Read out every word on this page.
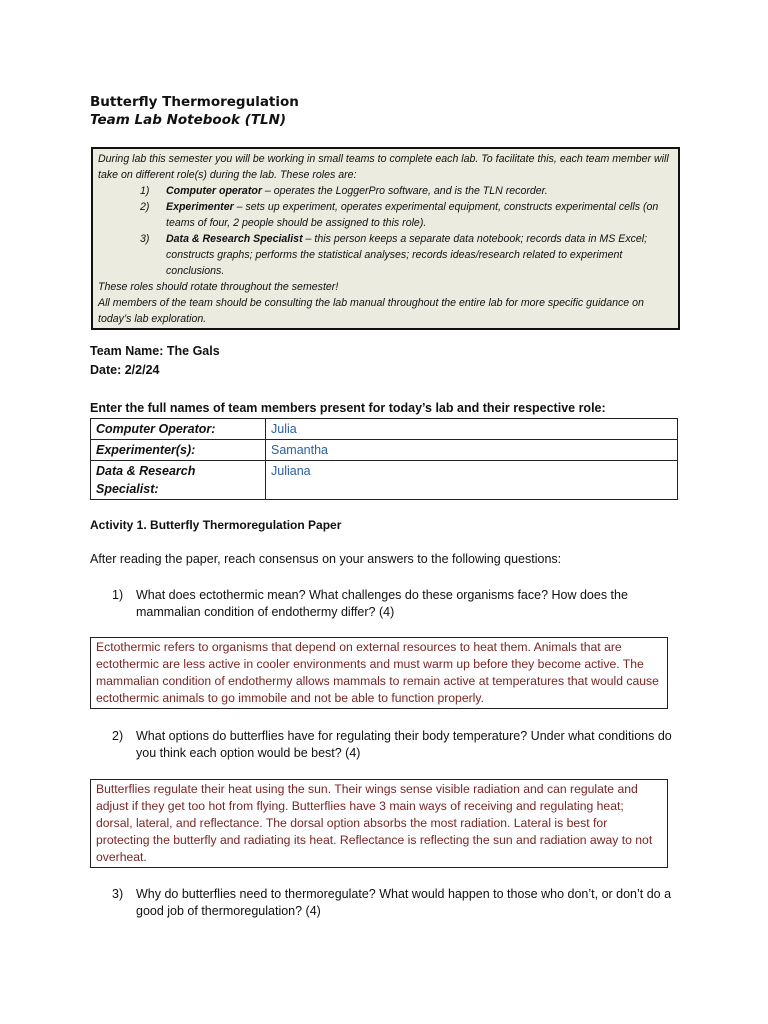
Butterfly Thermoregulation
Team Lab Notebook (TLN)
During lab this semester you will be working in small teams to complete each lab. To facilitate this, each team member will take on different role(s) during the lab. These roles are:
1)	Computer operator – operates the LoggerPro software, and is the TLN recorder.
2)	Experimenter – sets up experiment, operates experimental equipment, constructs experimental cells (on teams of four, 2 people should be assigned to this role).
3)	Data & Research Specialist – this person keeps a separate data notebook; records data in MS Excel; constructs graphs; performs the statistical analyses; records ideas/research related to experiment conclusions.
These roles should rotate throughout the semester!
All members of the team should be consulting the lab manual throughout the entire lab for more specific guidance on today’s lab exploration.
Team Name: The Gals
Date: 2/2/24
Enter the full names of team members present for today’s lab and their respective role:
Computer Operator:	Julia
Experimenter(s):	Samantha
Data & Research Specialist:	Juliana
Activity 1. Butterfly Thermoregulation Paper
After reading the paper, reach consensus on your answers to the following questions:
1)	What does ectothermic mean? What challenges do these organisms face? How does the mammalian condition of endothermy differ? (4)
Ectothermic refers to organisms that depend on external resources to heat them. Animals that are ectothermic are less active in cooler environments and must warm up before they become active. The mammalian condition of endothermy allows mammals to remain active at temperatures that would cause ectothermic animals to go immobile and not be able to function properly.
2)	What options do butterflies have for regulating their body temperature? Under what conditions do you think each option would be best? (4)
Butterflies regulate their heat using the sun. Their wings sense visible radiation and can regulate and adjust if they get too hot from flying. Butterflies have 3 main ways of receiving and regulating heat; dorsal, lateral, and reflectance. The dorsal option absorbs the most radiation. Lateral is best for protecting the butterfly and radiating its heat. Reflectance is reflecting the sun and radiation away to not overheat.
3)	Why do butterflies need to thermoregulate? What would happen to those who don’t, or don’t do a good job of thermoregulation? (4)
